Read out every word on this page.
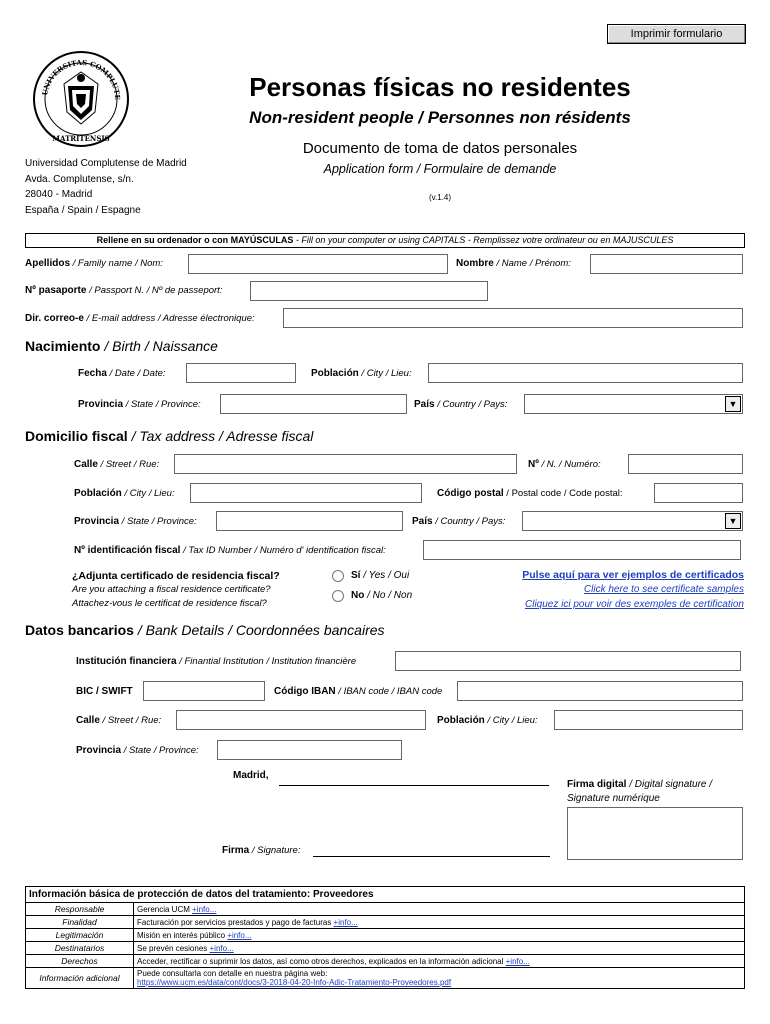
Imprimir formulario
UNIVERSITAS COMPLUTE
MATRITENSIS
Universidad Complutense de Madrid
Avda. Complutense, s/n.
28040 - Madrid
España / Spain / Espagne
Personas físicas no residentes
Non-resident people / Personnes non résidents
Documento de toma de datos personales
Application form / Formulaire de demande
(v.1.4)
Rellene en su ordenador o con MAYÚSCULAS - Fill on your computer or using CAPITALS - Remplissez votre ordinateur ou en MAJUSCULES
Apellidos / Family name / Nom:	Nombre / Name / Prénom:
Nº pasaporte / Passport N. / Nº de passeport:
Dir. correo-e / E-mail address / Adresse électronique:
Nacimiento / Birth / Naissance
Fecha / Date / Date:	Población / City / Lieu:
Provincia / State / Province:	País / Country / Pays:	▼
Domicilio fiscal / Tax address / Adresse fiscal
Calle / Street / Rue:	Nº / N. / Numéro:
Población / City / Lieu:	Código postal / Postal code / Code postal:
Provincia / State / Province:	País / Country / Pays:	▼
Nº identificación fiscal / Tax ID Number / Numéro d' identification fiscal:
¿Adjunta certificado de residencia fiscal?
Are you attaching a fiscal residence certificate?
Attachez-vous le certificat de residence fiscal?
Sí / Yes / Oui
No / No / Non
Pulse aquí para ver ejemplos de certificados
Click here to see certificate samples
Cliquez ici pour voir des exemples de certification
Datos bancarios / Bank Details / Coordonnées bancaires
Institución financiera / Finantial Institution / Institution financière
BIC / SWIFT	Código IBAN / IBAN code / IBAN code
Calle / Street / Rue:	Población / City / Lieu:
Provincia / State / Province:
Madrid,
Firma digital / Digital signature / Signature numérique
Firma / Signature:
Información básica de protección de datos del tratamiento: Proveedores	
Responsable	Gerencia UCM +info...
Finalidad	Facturación por servicios prestados y pago de facturas +info...
Legitimación	Misión en interés público +info...
Destinatarios	Se prevén cesiones +info...
Derechos	Acceder, rectificar o suprimir los datos, así como otros derechos, explicados en la información adicional +info...
Información adicional	Puede consultarla con detalle en nuestra página web:
https://www.ucm.es/data/cont/docs/3-2018-04-20-Info-Adic-Tratamiento-Proveedores.pdf
